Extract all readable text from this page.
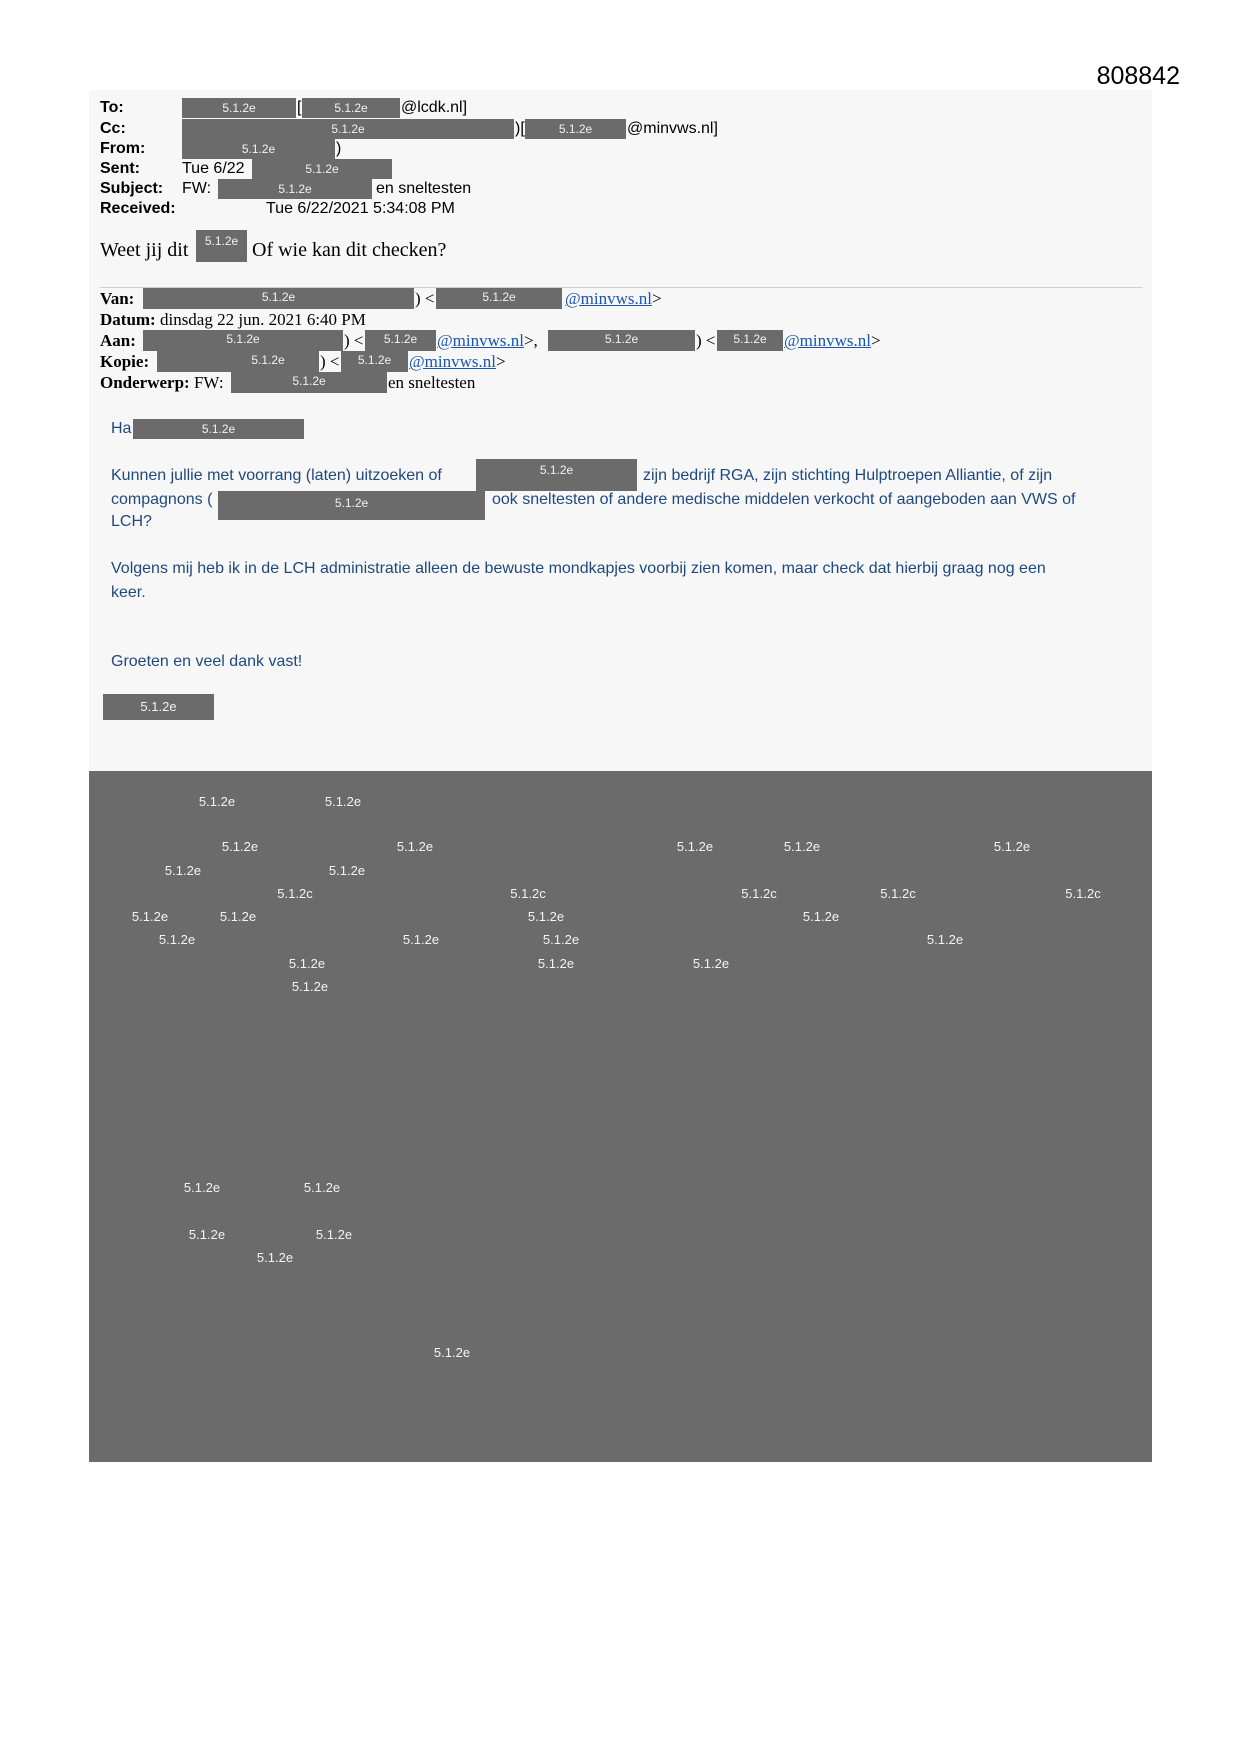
808842
To:	5.1.2e	[	5.1.2e	@lcdk.nl]
Cc:	5.1.2e	)[	5.1.2e	@minvws.nl]
From:	5.1.2e	)
Sent:	Tue 6/22	5.1.2e
Subject: FW:	5.1.2e	en sneltesten
Received:	Tue 6/22/2021 5:34:08 PM
Weet jij dit	5.1.2e Of wie kan dit checken?
Van:	5.1.2e	) <	5.1.2e	@minvws.nl>
Datum: dinsdag 22 jun. 2021 6:40 PM
Aan:	5.1.2e	) <	5.1.2e	@minvws.nl>,	5.1.2e	) <	5.1.2e	@minvws.nl>
Kopie:	5.1.2e	) <	5.1.2e	@minvws.nl>
Onderwerp: FW:	5.1.2e	en sneltesten
Ha	5.1.2e
Kunnen jullie met voorrang (laten) uitzoeken of	5.1.2e	zijn bedrijf RGA, zijn stichting Hulptroepen Alliantie, of zijn
compagnons (	5.1.2e	ook sneltesten of andere medische middelen verkocht of aangeboden aan VWS of
LCH?
Volgens mij heb ik in de LCH administratie alleen de bewuste mondkapjes voorbij zien komen, maar check dat hierbij graag nog een
keer.
Groeten en veel dank vast!
5.1.2e
5.1.2e	5.1.2e
5.1.2e	5.1.2e	5.1.2e	5.1.2e	5.1.2e
5.1.2e	5.1.2e
5.1.2c	5.1.2c	5.1.2c	5.1.2c	5.1.2c
5.1.2e	5.1.2e	5.1.2e	5.1.2e
5.1.2e	5.1.2e	5.1.2e	5.1.2e
5.1.2e	5.1.2e	5.1.2e
5.1.2e
5.1.2e	5.1.2e
5.1.2e	5.1.2e
5.1.2e
5.1.2e
